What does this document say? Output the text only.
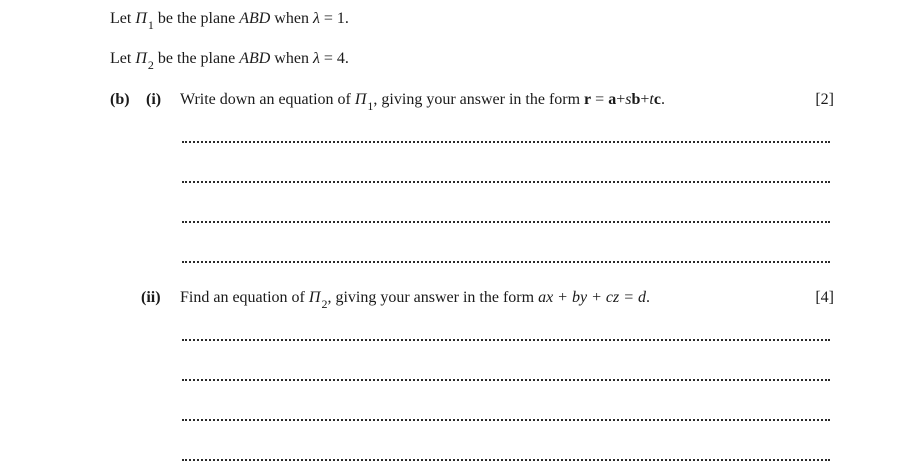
Let $\Pi_1$ be the plane ABD when λ = 1.
Let $\Pi_2$ be the plane ABD when λ = 4.
(b) (i) Write down an equation of $\Pi_1$, giving your answer in the form r = a+sb+tc.	[2]
(ii) Find an equation of $\Pi_2$, giving your answer in the form ax + by + cz = d.	[4]
